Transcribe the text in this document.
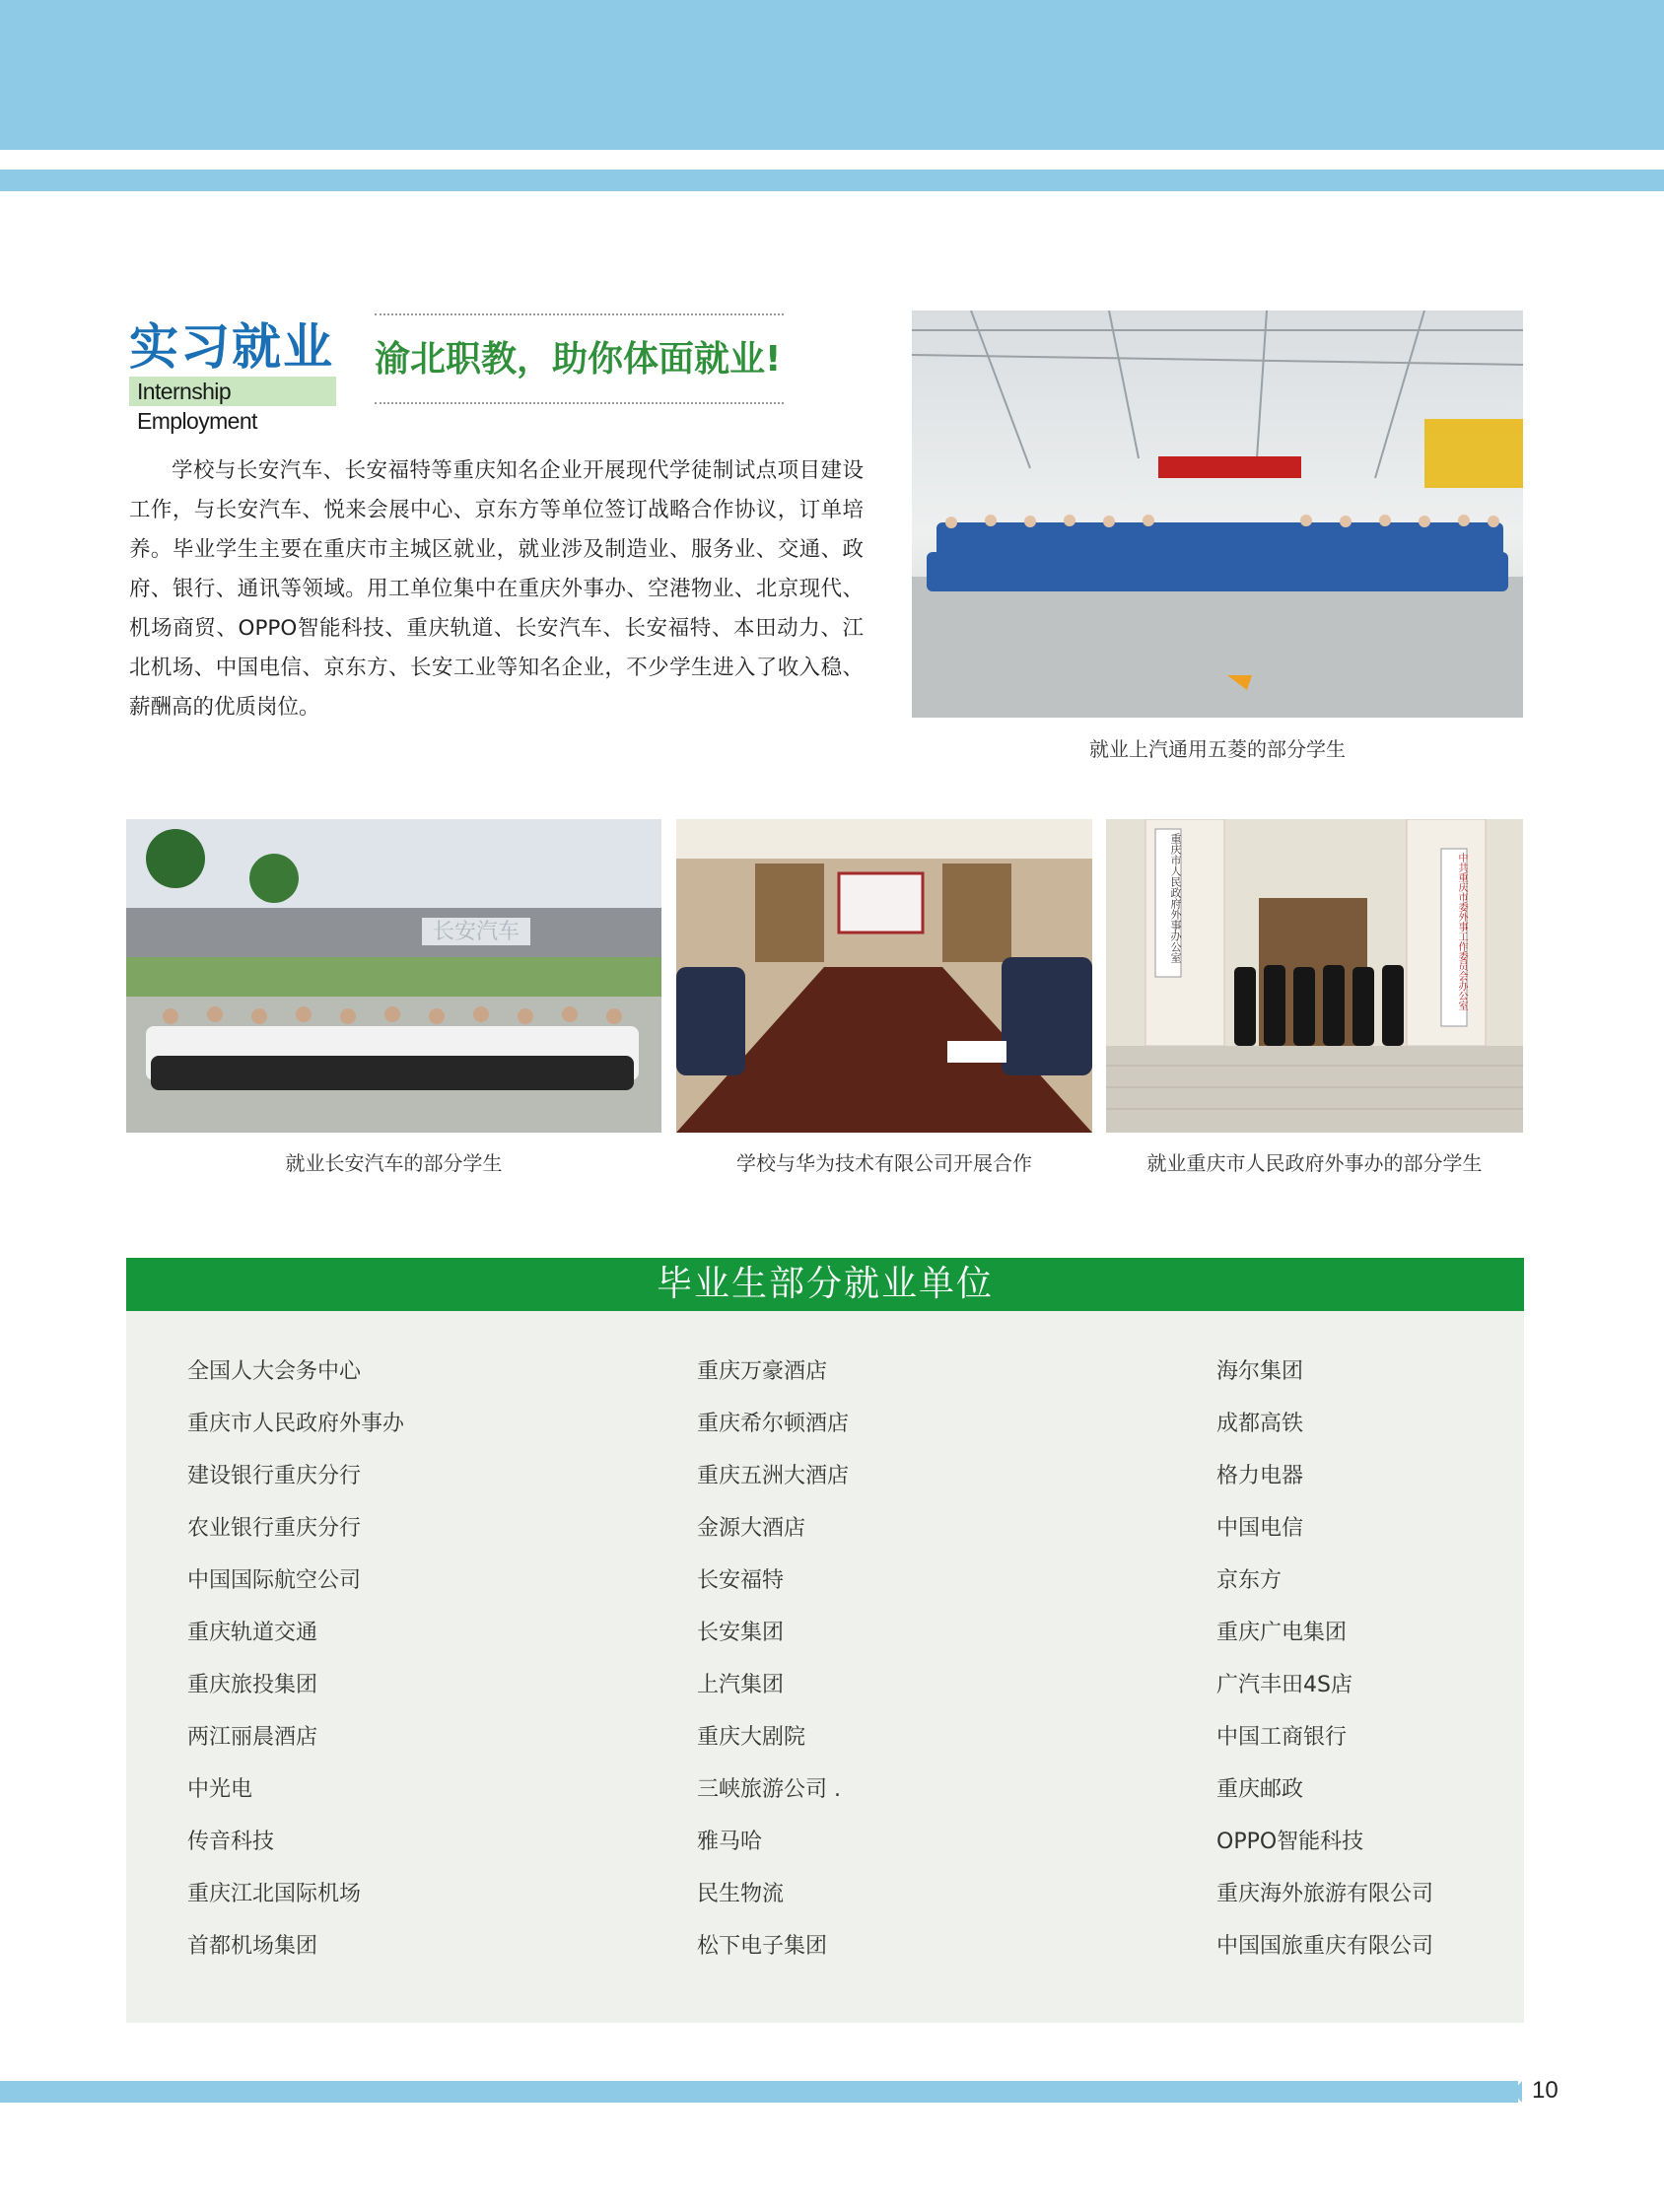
实习就业
Internship Employment
渝北职教，助你体面就业!

学校与长安汽车、长安福特等重庆知名企业开展现代学徒制试点项目建设工作，与长安汽车、悦来会展中心、京东方等单位签订战略合作协议，订单培养。毕业学生主要在重庆市主城区就业，就业涉及制造业、服务业、交通、政府、银行、通讯等领域。用工单位集中在重庆外事办、空港物业、北京现代、机场商贸、OPPO智能科技、重庆轨道、长安汽车、长安福特、本田动力、江北机场、中国电信、京东方、长安工业等知名企业，不少学生进入了收入稳、薪酬高的优质岗位。

就业上汽通用五菱的部分学生
长安汽车
就业长安汽车的部分学生	学校与华为技术有限公司开展合作
重庆市人民政府外事办公室	中共重庆市委外事工作委员会办公室
就业重庆市人民政府外事办的部分学生
毕业生部分就业单位
全国人大会务中心
重庆市人民政府外事办
建设银行重庆分行
农业银行重庆分行
中国国际航空公司
重庆轨道交通
重庆旅投集团
两江丽晨酒店
中光电
传音科技
重庆江北国际机场
首都机场集团
重庆万豪酒店
重庆希尔顿酒店
重庆五洲大酒店
金源大酒店
长安福特
长安集团
上汽集团
重庆大剧院
三峡旅游公司 .
雅马哈
民生物流
松下电子集团
海尔集团
成都高铁
格力电器
中国电信
京东方
重庆广电集团
广汽丰田4S店
中国工商银行
重庆邮政
OPPO智能科技
重庆海外旅游有限公司
中国国旅重庆有限公司
10
